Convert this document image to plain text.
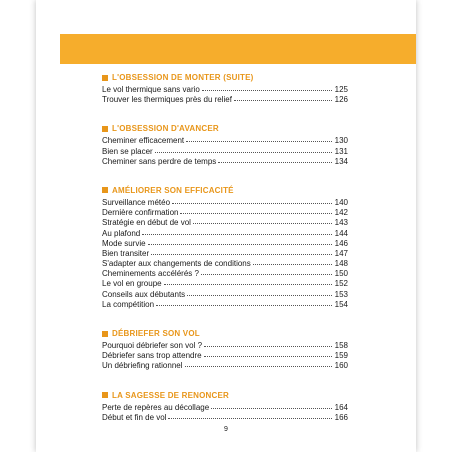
L'OBSESSION DE MONTER (SUITE)
Le vol thermique sans vario	125
Trouver les thermiques près du relief	126
L'OBSESSION D'AVANCER
Cheminer efficacement	130
Bien se placer	131
Cheminer sans perdre de temps	134
AMÉLIORER SON EFFICACITÉ
Surveillance météo	140
Dernière confirmation	142
Stratégie en début de vol	143
Au plafond	144
Mode survie	146
Bien transiter	147
S'adapter aux changements de conditions	148
Cheminements accélérés ?	150
Le vol en groupe	152
Conseils aux débutants	153
La compétition	154
DÉBRIEFER SON VOL
Pourquoi débriefer son vol ?	158
Débriefer sans trop attendre	159
Un débriefing rationnel	160
LA SAGESSE DE RENONCER
Perte de repères au décollage	164
Début et fin de vol	166
9
